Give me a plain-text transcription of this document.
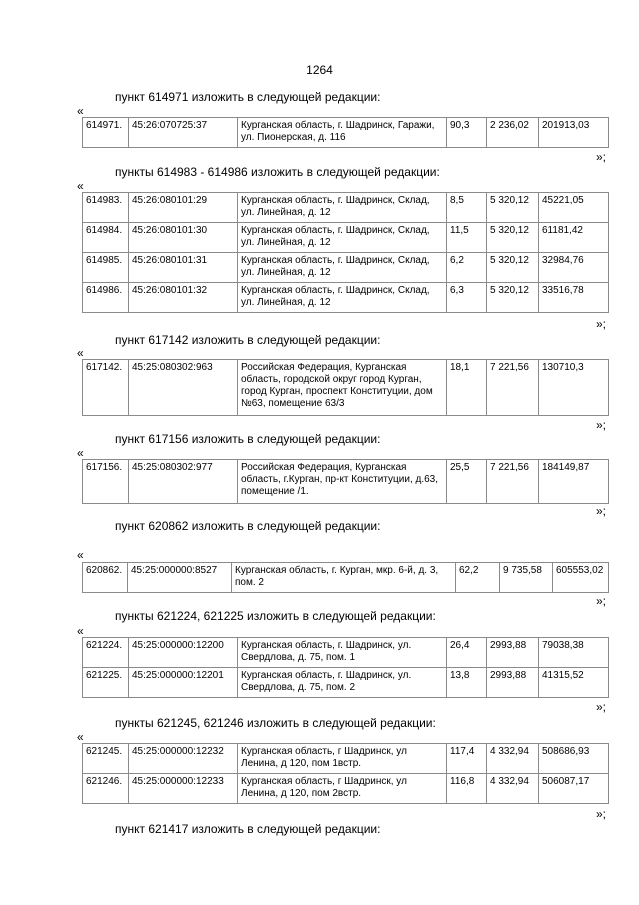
1264
пункт 614971 изложить в следующей редакции:
«
614971.	45:26:070725:37	Курганская область, г. Шадринск, Гаражи, ул. Пионерская, д. 116	90,3	2 236,02	201913,03
»;
пункты 614983 - 614986 изложить в следующей редакции:
«
614983.	45:26:080101:29	Курганская область, г. Шадринск, Склад, ул. Линейная, д. 12	8,5	5 320,12	45221,05
614984.	45:26:080101:30	Курганская область, г. Шадринск, Склад, ул. Линейная, д. 12	11,5	5 320,12	61181,42
614985.	45:26:080101:31	Курганская область, г. Шадринск, Склад, ул. Линейная, д. 12	6,2	5 320,12	32984,76
614986.	45:26:080101:32	Курганская область, г. Шадринск, Склад, ул. Линейная, д. 12	6,3	5 320,12	33516,78
»;
пункт 617142 изложить в следующей редакции:
«
617142.	45:25:080302:963	Российская Федерация, Курганская область, городской округ город Курган, город Курган, проспект Конституции, дом №63, помещение 63/3	18,1	7 221,56	130710,3
»;
пункт 617156 изложить в следующей редакции:
«
617156.	45:25:080302:977	Российская Федерация, Курганская область, г.Курган, пр-кт Конституции, д.63, помещение /1.	25,5	7 221,56	184149,87
»;
пункт 620862 изложить в следующей редакции:
«
620862.	45:25:000000:8527	Курганская область, г. Курган, мкр. 6-й, д. 3, пом. 2	62,2	9 735,58	605553,02
»;
пункты 621224, 621225 изложить в следующей редакции:
«
621224.	45:25:000000:12200	Курганская область, г. Шадринск, ул. Свердлова, д. 75, пом. 1	26,4	2993,88	79038,38
621225.	45:25:000000:12201	Курганская область, г. Шадринск, ул. Свердлова, д. 75, пом. 2	13,8	2993,88	41315,52
»;
пункты 621245, 621246 изложить в следующей редакции:
«
621245.	45:25:000000:12232	Курганская область, г Шадринск, ул Ленина, д 120, пом 1встр.	117,4	4 332,94	508686,93
621246.	45:25:000000:12233	Курганская область, г Шадринск, ул Ленина, д 120, пом 2встр.	116,8	4 332,94	506087,17
»;
пункт 621417 изложить в следующей редакции:
